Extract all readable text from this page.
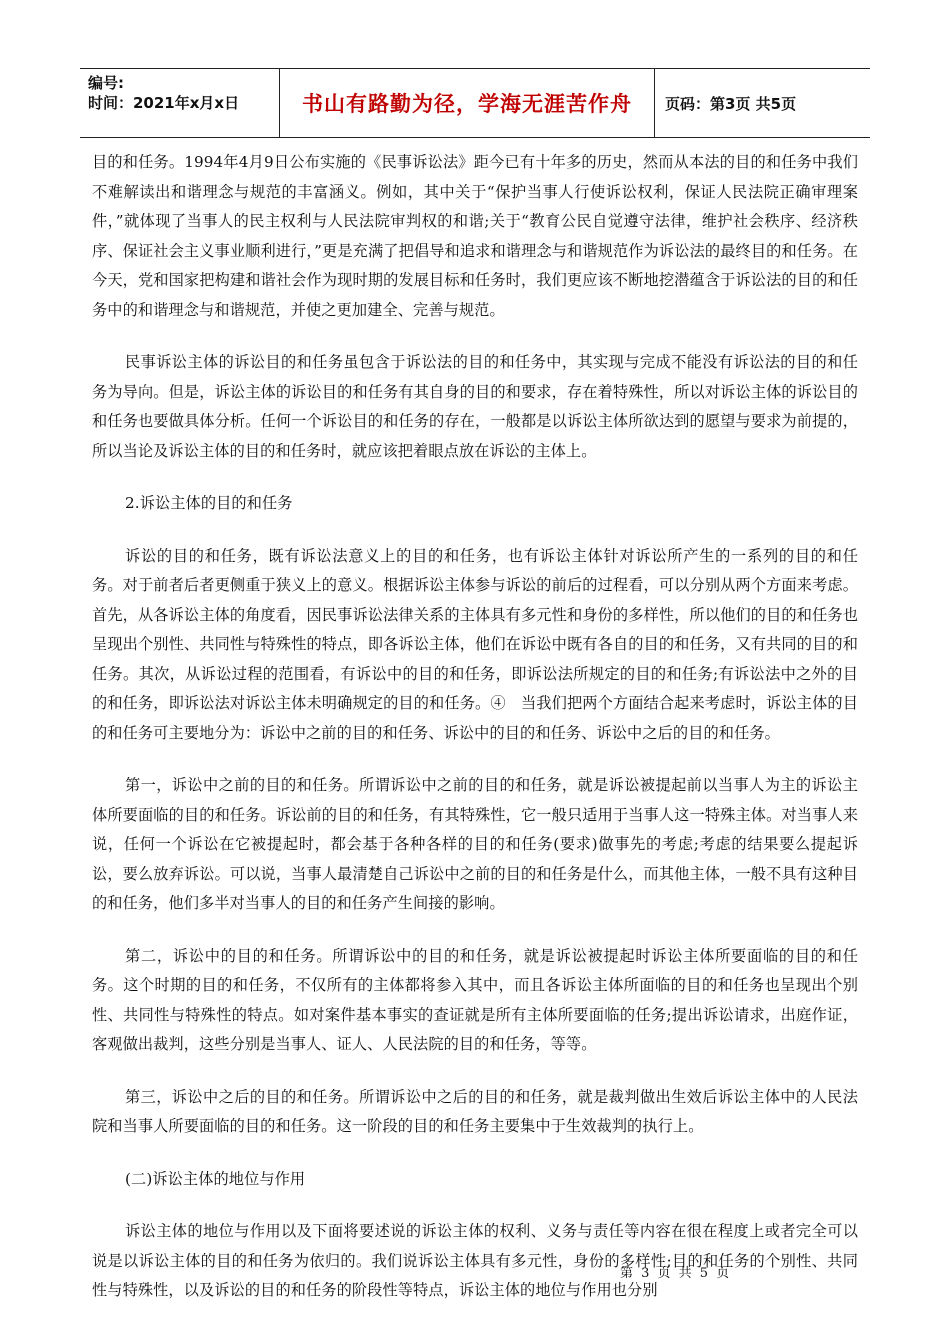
编号:
时间：2021年x月x日	书山有路勤为径，学海无涯苦作舟	页码：第3页 共5页

目的和任务。1994年4月9日公布实施的《民事诉讼法》距今已有十年多的历史，然而从本法的目的和任务中我们不难解读出和谐理念与规范的丰富涵义。例如，其中关于“保护当事人行使诉讼权利，保证人民法院正确审理案件，”就体现了当事人的民主权利与人民法院审判权的和谐;关于“教育公民自觉遵守法律，维护社会秩序、经济秩序、保证社会主义事业顺利进行，”更是充满了把倡导和追求和谐理念与和谐规范作为诉讼法的最终目的和任务。在今天，党和国家把构建和谐社会作为现时期的发展目标和任务时，我们更应该不断地挖潜蕴含于诉讼法的目的和任务中的和谐理念与和谐规范，并使之更加建全、完善与规范。

民事诉讼主体的诉讼目的和任务虽包含于诉讼法的目的和任务中，其实现与完成不能没有诉讼法的目的和任务为导向。但是，诉讼主体的诉讼目的和任务有其自身的目的和要求，存在着特殊性，所以对诉讼主体的诉讼目的和任务也要做具体分析。任何一个诉讼目的和任务的存在，一般都是以诉讼主体所欲达到的愿望与要求为前提的，所以当论及诉讼主体的目的和任务时，就应该把着眼点放在诉讼的主体上。

2.诉讼主体的目的和任务

诉讼的目的和任务，既有诉讼法意义上的目的和任务，也有诉讼主体针对诉讼所产生的一系列的目的和任务。对于前者后者更侧重于狭义上的意义。根据诉讼主体参与诉讼的前后的过程看，可以分别从两个方面来考虑。首先，从各诉讼主体的角度看，因民事诉讼法律关系的主体具有多元性和身份的多样性，所以他们的目的和任务也呈现出个别性、共同性与特殊性的特点，即各诉讼主体，他们在诉讼中既有各自的目的和任务，又有共同的目的和任务。其次，从诉讼过程的范围看，有诉讼中的目的和任务，即诉讼法所规定的目的和任务;有诉讼法中之外的目的和任务，即诉讼法对诉讼主体未明确规定的目的和任务。④　当我们把两个方面结合起来考虑时，诉讼主体的目的和任务可主要地分为：诉讼中之前的目的和任务、诉讼中的目的和任务、诉讼中之后的目的和任务。

第一，诉讼中之前的目的和任务。所谓诉讼中之前的目的和任务，就是诉讼被提起前以当事人为主的诉讼主体所要面临的目的和任务。诉讼前的目的和任务，有其特殊性，它一般只适用于当事人这一特殊主体。对当事人来说，任何一个诉讼在它被提起时，都会基于各种各样的目的和任务(要求)做事先的考虑;考虑的结果要么提起诉讼，要么放弃诉讼。可以说，当事人最清楚自己诉讼中之前的目的和任务是什么，而其他主体，一般不具有这种目的和任务，他们多半对当事人的目的和任务产生间接的影响。

第二，诉讼中的目的和任务。所谓诉讼中的目的和任务，就是诉讼被提起时诉讼主体所要面临的目的和任务。这个时期的目的和任务，不仅所有的主体都将参入其中，而且各诉讼主体所面临的目的和任务也呈现出个别性、共同性与特殊性的特点。如对案件基本事实的查证就是所有主体所要面临的任务;提出诉讼请求，出庭作证，客观做出裁判，这些分别是当事人、证人、人民法院的目的和任务，等等。

第三，诉讼中之后的目的和任务。所谓诉讼中之后的目的和任务，就是裁判做出生效后诉讼主体中的人民法院和当事人所要面临的目的和任务。这一阶段的目的和任务主要集中于生效裁判的执行上。

(二)诉讼主体的地位与作用

诉讼主体的地位与作用以及下面将要述说的诉讼主体的权利、义务与责任等内容在很在程度上或者完全可以说是以诉讼主体的目的和任务为依归的。我们说诉讼主体具有多元性，身份的多样性;目的和任务的个别性、共同性与特殊性，以及诉讼的目的和任务的阶段性等特点，诉讼主体的地位与作用也分别

第 3 页 共 5 页
